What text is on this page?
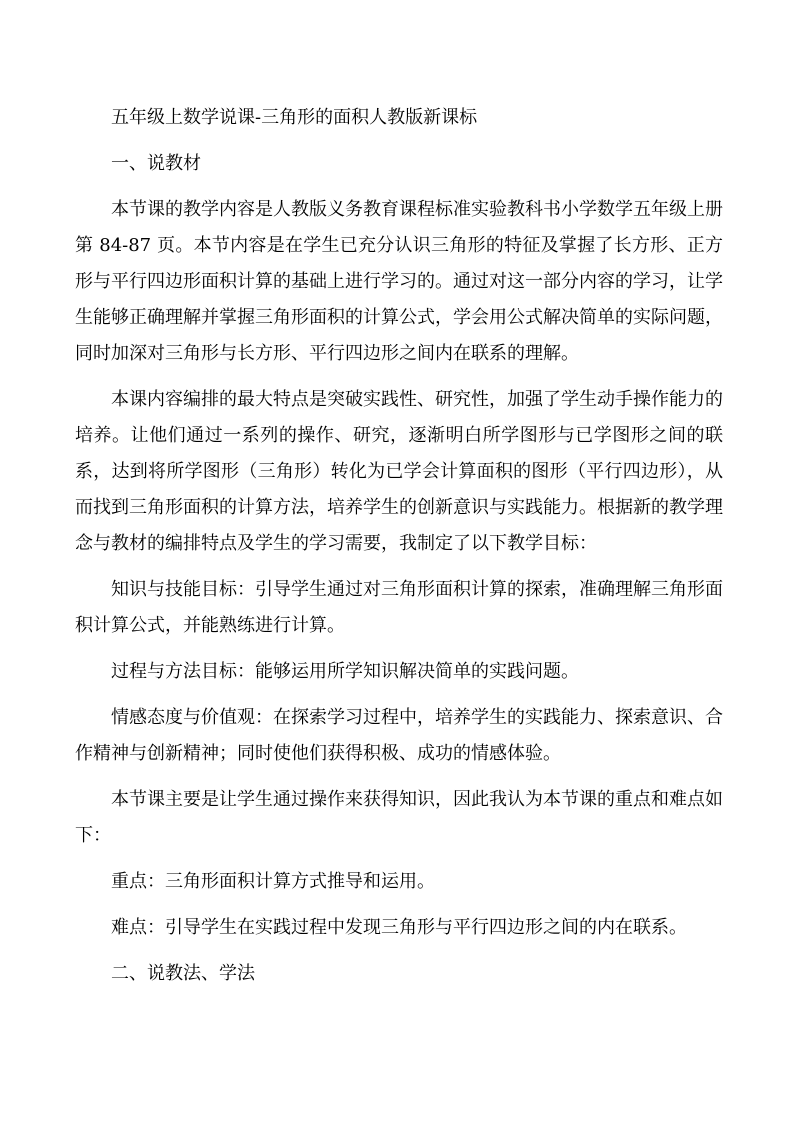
五年级上数学说课-三角形的面积人教版新课标
一、说教材

本节课的教学内容是人教版义务教育课程标准实验教科书小学数学五年级上册第 84-87 页。本节内容是在学生已充分认识三角形的特征及掌握了长方形、正方形与平行四边形面积计算的基础上进行学习的。通过对这一部分内容的学习，让学生能够正确理解并掌握三角形面积的计算公式，学会用公式解决简单的实际问题，同时加深对三角形与长方形、平行四边形之间内在联系的理解。

本课内容编排的最大特点是突破实践性、研究性，加强了学生动手操作能力的培养。让他们通过一系列的操作、研究，逐渐明白所学图形与已学图形之间的联系，达到将所学图形（三角形）转化为已学会计算面积的图形（平行四边形），从而找到三角形面积的计算方法，培养学生的创新意识与实践能力。根据新的教学理念与教材的编排特点及学生的学习需要，我制定了以下教学目标：

知识与技能目标：引导学生通过对三角形面积计算的探索，准确理解三角形面积计算公式，并能熟练进行计算。

过程与方法目标：能够运用所学知识解决简单的实践问题。

情感态度与价值观：在探索学习过程中，培养学生的实践能力、探索意识、合作精神与创新精神；同时使他们获得积极、成功的情感体验。

本节课主要是让学生通过操作来获得知识，因此我认为本节课的重点和难点如下：

重点：三角形面积计算方式推导和运用。
难点：引导学生在实践过程中发现三角形与平行四边形之间的内在联系。
二、说教法、学法
